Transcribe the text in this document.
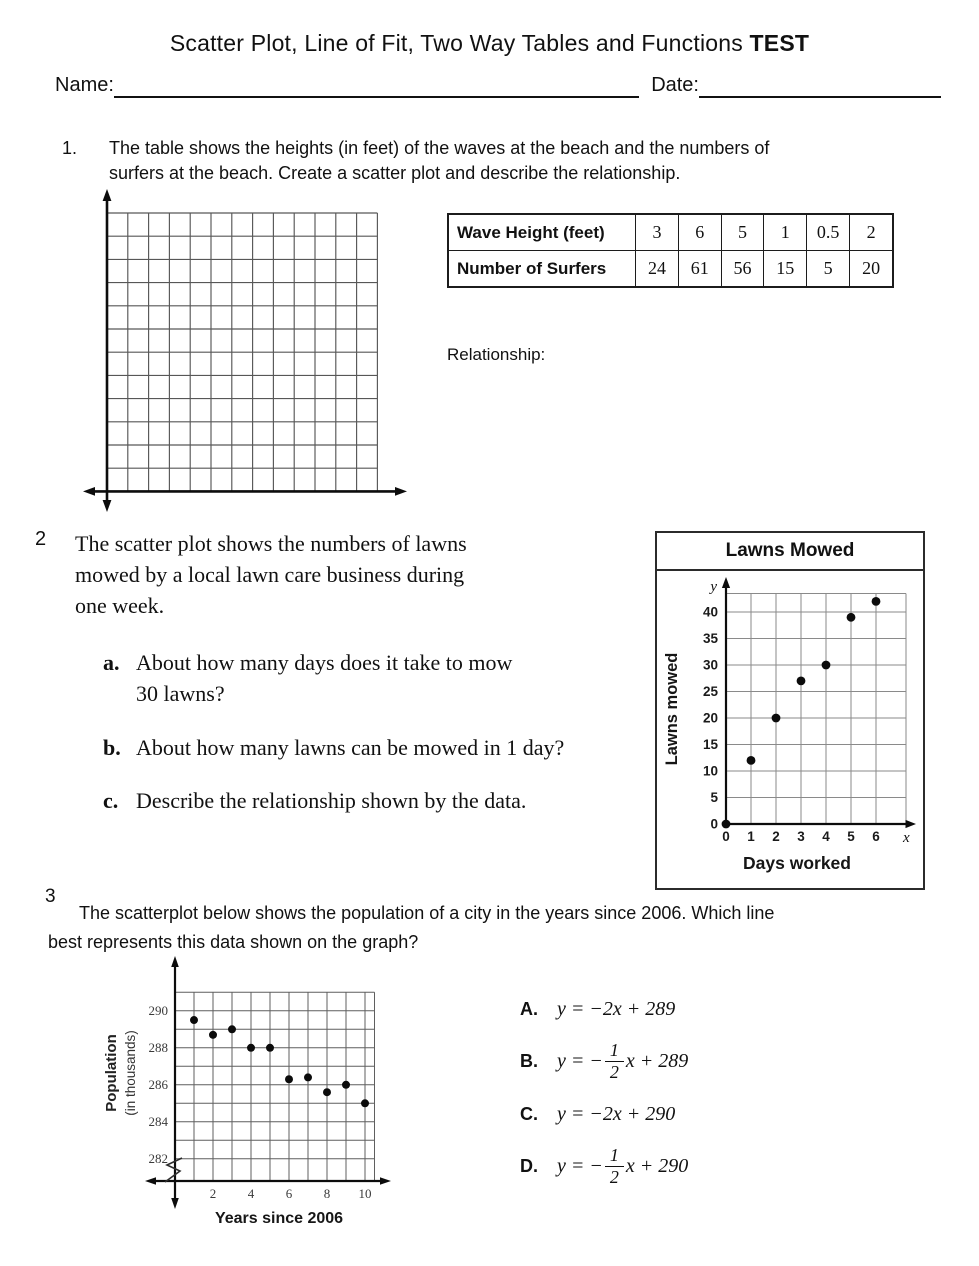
Scatter Plot, Line of Fit, Two Way Tables and Functions TEST
Name:	Date:
1.	The table shows the heights (in feet) of the waves at the beach and the numbers of
surfers at the beach. Create a scatter plot and describe the relationship.
Wave Height (feet)	3	6	5	1	0.5	2
Number of Surfers	24	61	56	15	5	20
Relationship:
2	The scatter plot shows the numbers of lawns
mowed by a local lawn care business during
one week.
a. About how many days does it take to mow
30 lawns?
b. About how many lawns can be mowed in 1 day?
c. Describe the relationship shown by the data.
Lawns Mowed
y
x
Lawns mowed
Days worked
0
5
10
15
20
25
30
35
40
0 1 2 3 4 5 6
3
The scatterplot below shows the population of a city in the years since 2006. Which line
best represents this data shown on the graph?
Population (in thousands)
Years since 2006
290
288
286
284
282
2 4 6 8 10
A. y = −2x + 289
B. y = − $\frac{1}{2}$ x + 289
C. y = −2x + 290
D. y = − $\frac{1}{2}$ x + 290
